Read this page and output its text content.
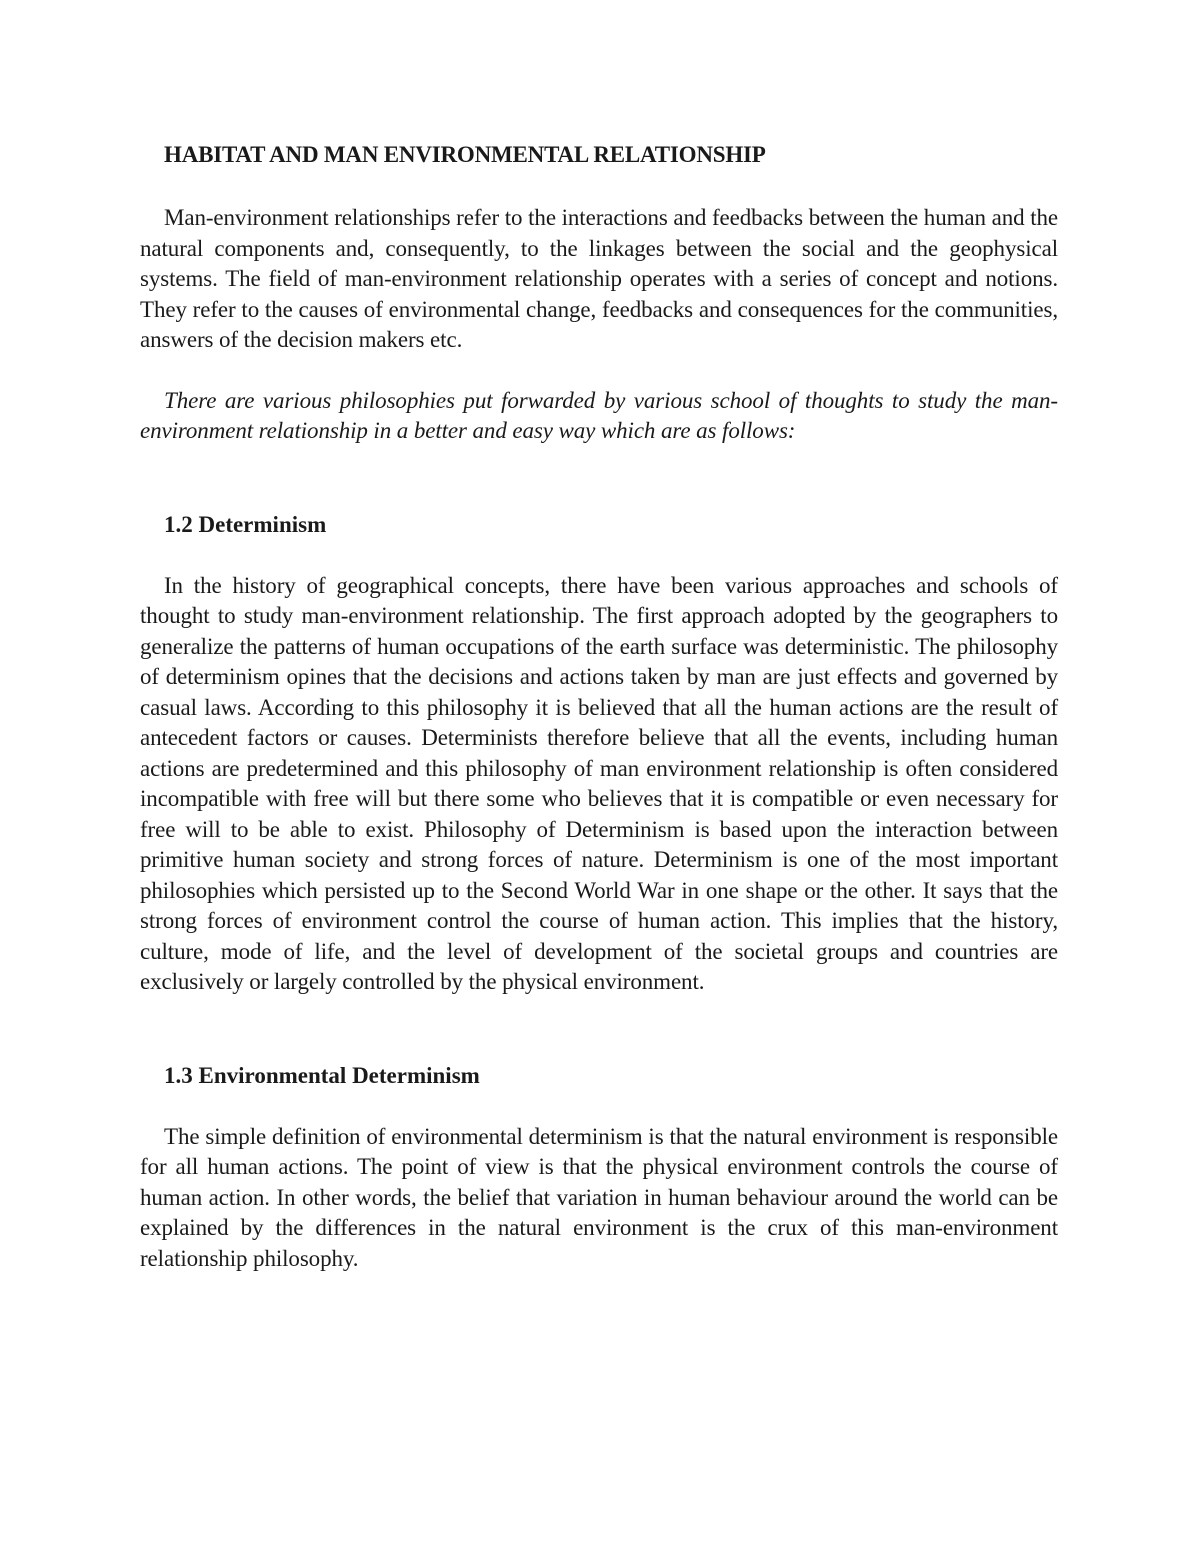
HABITAT AND MAN ENVIRONMENTAL RELATIONSHIP

Man-environment relationships refer to the interactions and feedbacks between the human and the natural components and, consequently, to the linkages between the social and the geophysical systems. The field of man-environment relationship operates with a series of concept and notions. They refer to the causes of environmental change, feedbacks and consequences for the communities, answers of the decision makers etc.

There are various philosophies put forwarded by various school of thoughts to study the man-environment relationship in a better and easy way which are as follows:

1.2 Determinism

In the history of geographical concepts, there have been various approaches and schools of thought to study man-environment relationship. The first approach adopted by the geographers to generalize the patterns of human occupations of the earth surface was deterministic. The philosophy of determinism opines that the decisions and actions taken by man are just effects and governed by casual laws. According to this philosophy it is believed that all the human actions are the result of antecedent factors or causes. Determinists therefore believe that all the events, including human actions are predetermined and this philosophy of man environment relationship is often considered incompatible with free will but there some who believes that it is compatible or even necessary for free will to be able to exist. Philosophy of Determinism is based upon the interaction between primitive human society and strong forces of nature. Determinism is one of the most important philosophies which persisted up to the Second World War in one shape or the other. It says that the strong forces of environment control the course of human action. This implies that the history, culture, mode of life, and the level of development of the societal groups and countries are exclusively or largely controlled by the physical environment.

1.3 Environmental Determinism

The simple definition of environmental determinism is that the natural environment is responsible for all human actions. The point of view is that the physical environment controls the course of human action. In other words, the belief that variation in human behaviour around the world can be explained by the differences in the natural environment is the crux of this man-environment relationship philosophy.
